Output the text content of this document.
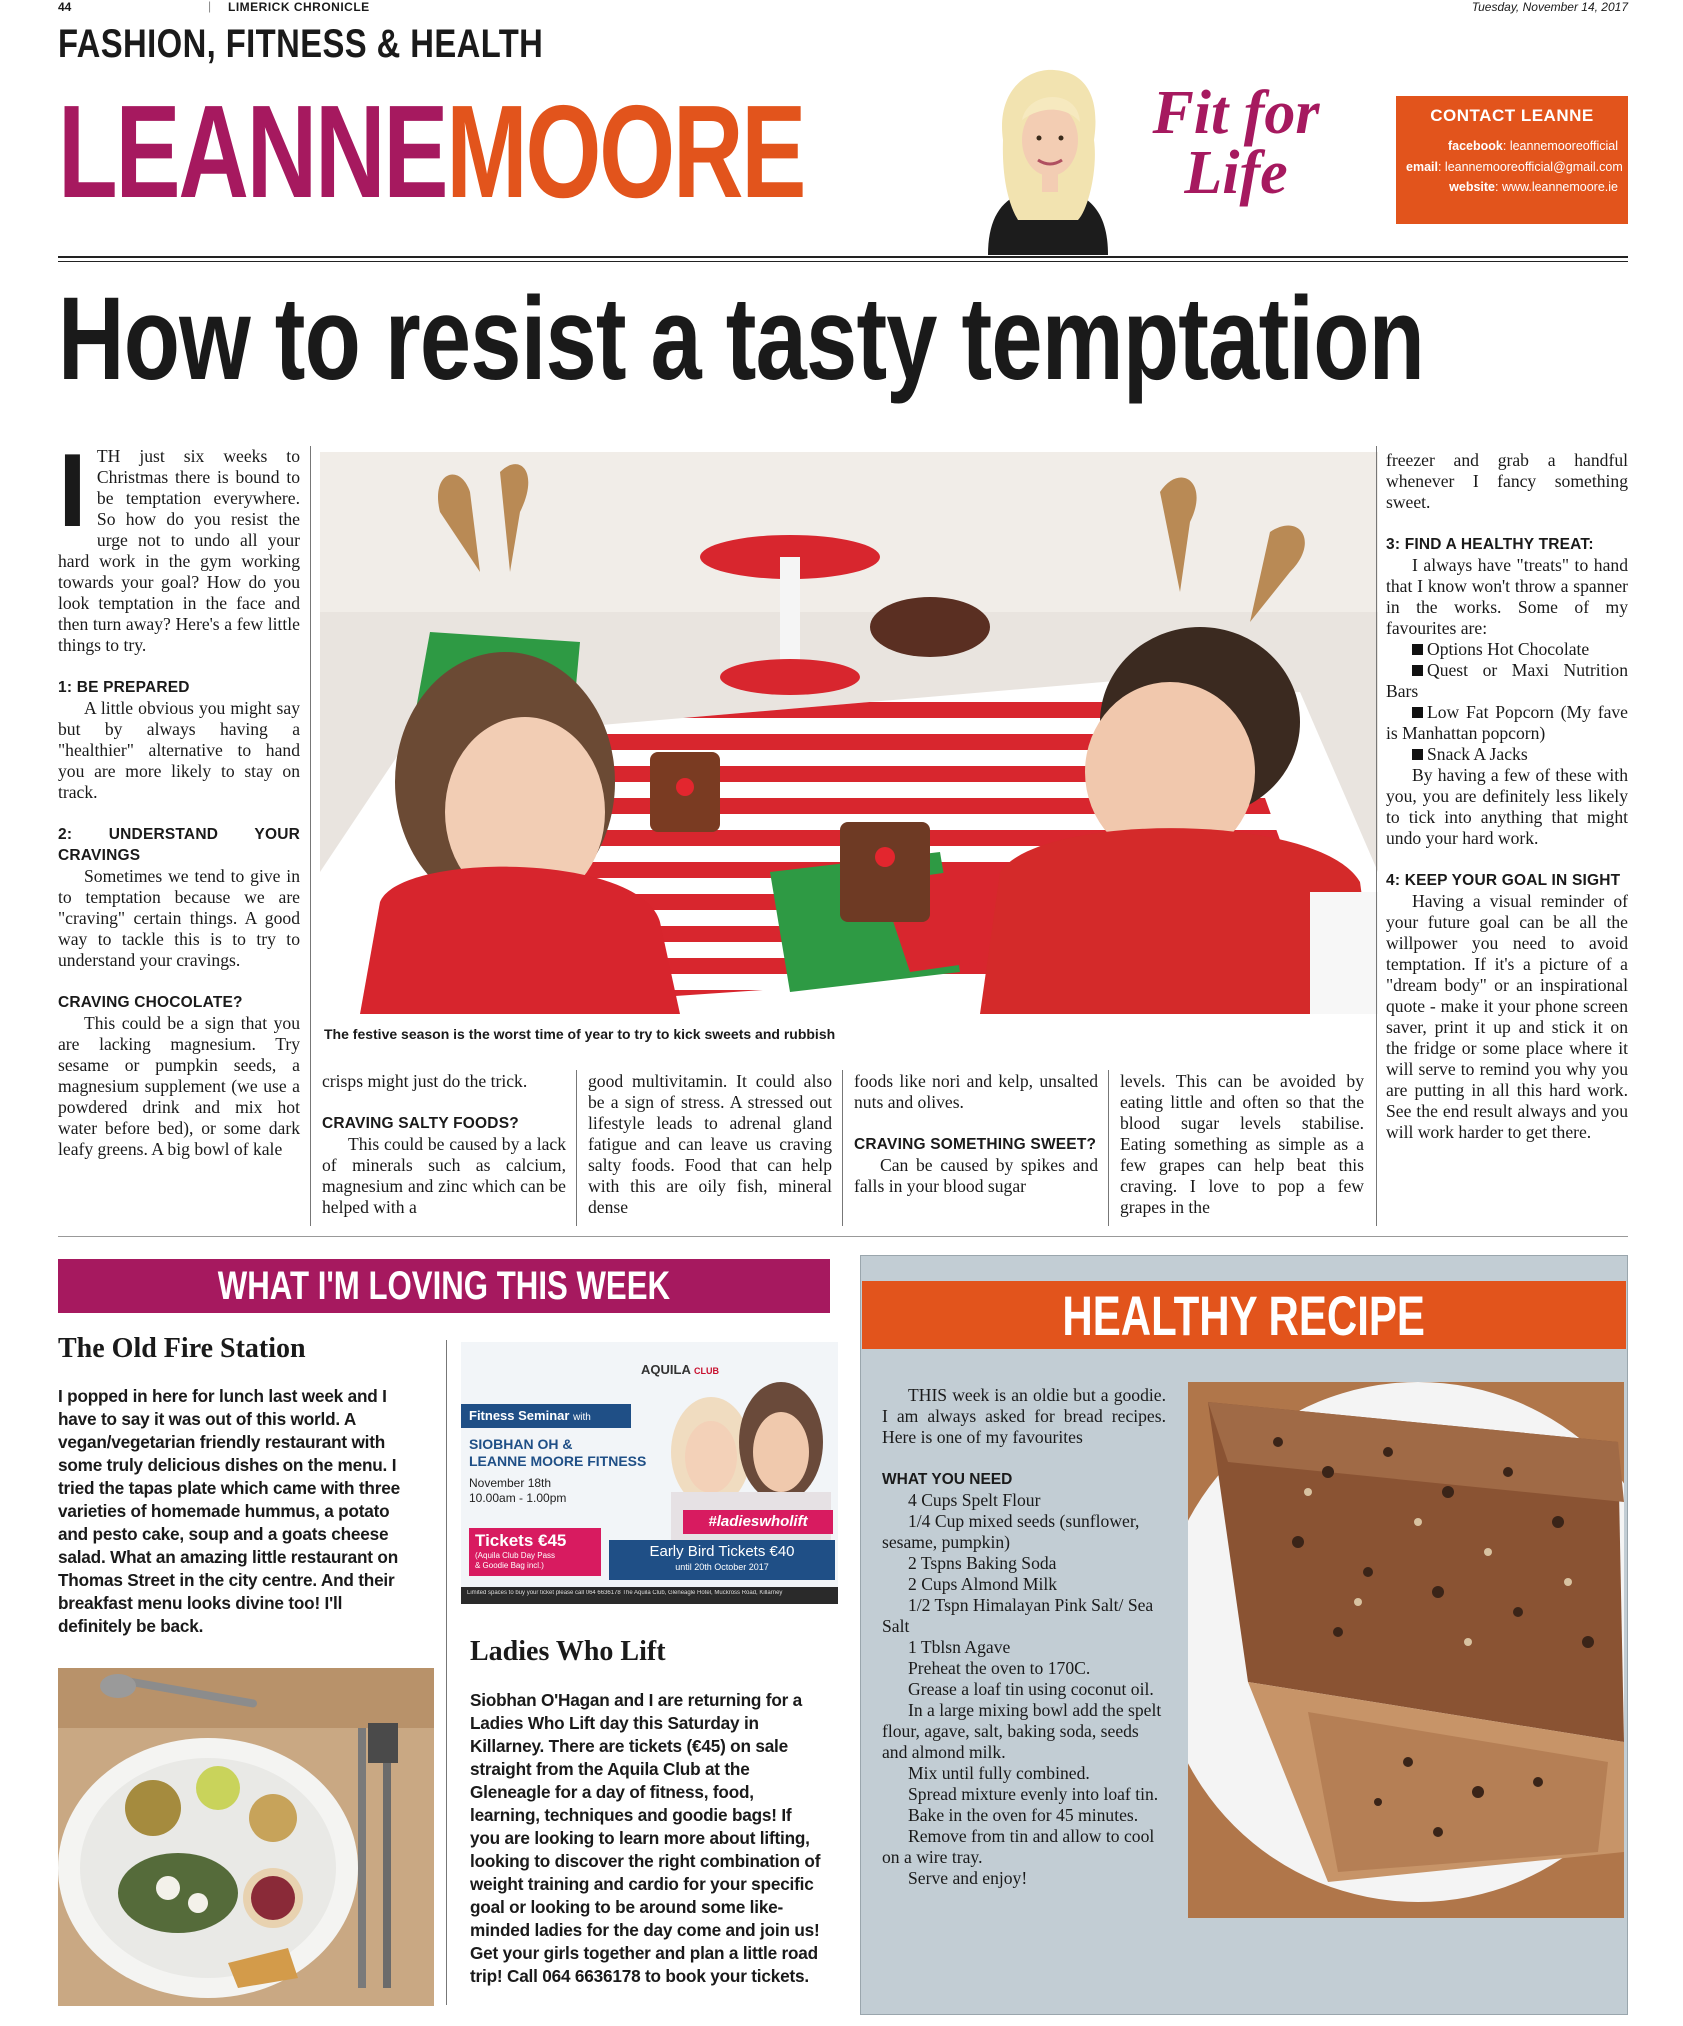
44	| LIMERICK CHRONICLE	Tuesday, November 14, 2017
FASHION, FITNESS & HEALTH
LEANNEMOORE	Fit for
Life
CONTACT LEANNE
facebook: leannemooreofficial
email: leannemooreofficial@gmail.com
website: www.leannemoore.ie
How to resist a tasty temptation

ITH just six weeks to Christmas there is bound to be temptation everywhere. So how do you resist the urge not to undo all your hard work in the gym working towards your goal? How do you look temptation in the face and then turn away? Here's a few little things to try.

1: BE PREPARED

A little obvious you might say but by always having a "healthier" alternative to hand you are more likely to stay on track.

2: UNDERSTAND YOUR CRAVINGS

Sometimes we tend to give in to temptation because we are "craving" certain things. A good way to tackle this is to try to understand your cravings.

CRAVING CHOCOLATE?

This could be a sign that you are lacking magnesium. Try sesame or pumpkin seeds, a magnesium supplement (we use a powdered drink and mix hot water before bed), or some dark leafy greens. A big bowl of kale

The festive season is the worst time of year to try to kick sweets and rubbish

crisps might just do the trick.

CRAVING SALTY FOODS?

This could be caused by a lack of minerals such as calcium, magnesium and zinc which can be helped with a

good multivitamin. It could also be a sign of stress. A stressed out lifestyle leads to adrenal gland fatigue and can leave us craving salty foods. Food that can help with this are oily fish, mineral dense

foods like nori and kelp, unsalted nuts and olives.

CRAVING SOMETHING SWEET?

Can be caused by spikes and falls in your blood sugar

levels. This can be avoided by eating little and often so that the blood sugar levels stabilise. Eating something as simple as a few grapes can help beat this craving. I love to pop a few grapes in the

freezer and grab a handful whenever I fancy something sweet.

3: FIND A HEALTHY TREAT:

I always have "treats" to hand that I know won't throw a spanner in the works. Some of my favourites are:

Options Hot Chocolate

Quest or Maxi Nutrition Bars

Low Fat Popcorn (My fave is Manhattan popcorn)

Snack A Jacks

By having a few of these with you, you are definitely less likely to tick into anything that might undo your hard work.

4: KEEP YOUR GOAL IN SIGHT

Having a visual reminder of your future goal can be all the willpower you need to avoid temptation. If it's a picture of a "dream body" or an inspirational quote - make it your phone screen saver, print it up and stick it on the fridge or some place where it will serve to remind you why you are putting in all this hard work. See the end result always and you will work harder to get there.

WHAT I'M LOVING THIS WEEK
The Old Fire Station
I popped in here for lunch last week and I have to say it was out of this world. A vegan/vegetarian friendly restaurant with some truly delicious dishes on the menu. I tried the tapas plate which came with three varieties of homemade hummus, a potato and pesto cake, soup and a goats cheese salad. What an amazing little restaurant on Thomas Street in the city centre. And their breakfast menu looks divine too! I'll definitely be back.
AQUILA CLUB
Fitness Seminar with
SIOBHAN OH &
LEANNE MOORE FITNESS
November 18th
10.00am - 1.00pm
Tickets €45
(Aquila Club Day Pass
& Goodie Bag incl.)
#ladieswholift
Early Bird Tickets €40
until 20th October 2017
Limited spaces to buy your ticket please call 064 6636178 The Aquila Club, Gleneagle Hotel, Muckross Road, Killarney
Ladies Who Lift
Siobhan O'Hagan and I are returning for a Ladies Who Lift day this Saturday in Killarney. There are tickets (€45) on sale straight from the Aquila Club at the Gleneagle for a day of fitness, food, learning, techniques and goodie bags! If you are looking to learn more about lifting, looking to discover the right combination of weight training and cardio for your specific goal or looking to be around some like-minded ladies for the day come and join us! Get your girls together and plan a little road trip! Call 064 6636178 to book your tickets.
HEALTHY RECIPE

THIS week is an oldie but a goodie. I am always asked for bread recipes. Here is one of my favourites

WHAT YOU NEED

4 Cups Spelt Flour

1/4 Cup mixed seeds (sunflower, sesame, pumpkin)

2 Tspns Baking Soda

2 Cups Almond Milk

1/2 Tspn Himalayan Pink Salt/ Sea Salt

1 Tblsn Agave

Preheat the oven to 170C.

Grease a loaf tin using coconut oil.

In a large mixing bowl add the spelt flour, agave, salt, baking soda, seeds and almond milk.

Mix until fully combined.

Spread mixture evenly into loaf tin.

Bake in the oven for 45 minutes.

Remove from tin and allow to cool on a wire tray.

Serve and enjoy!
